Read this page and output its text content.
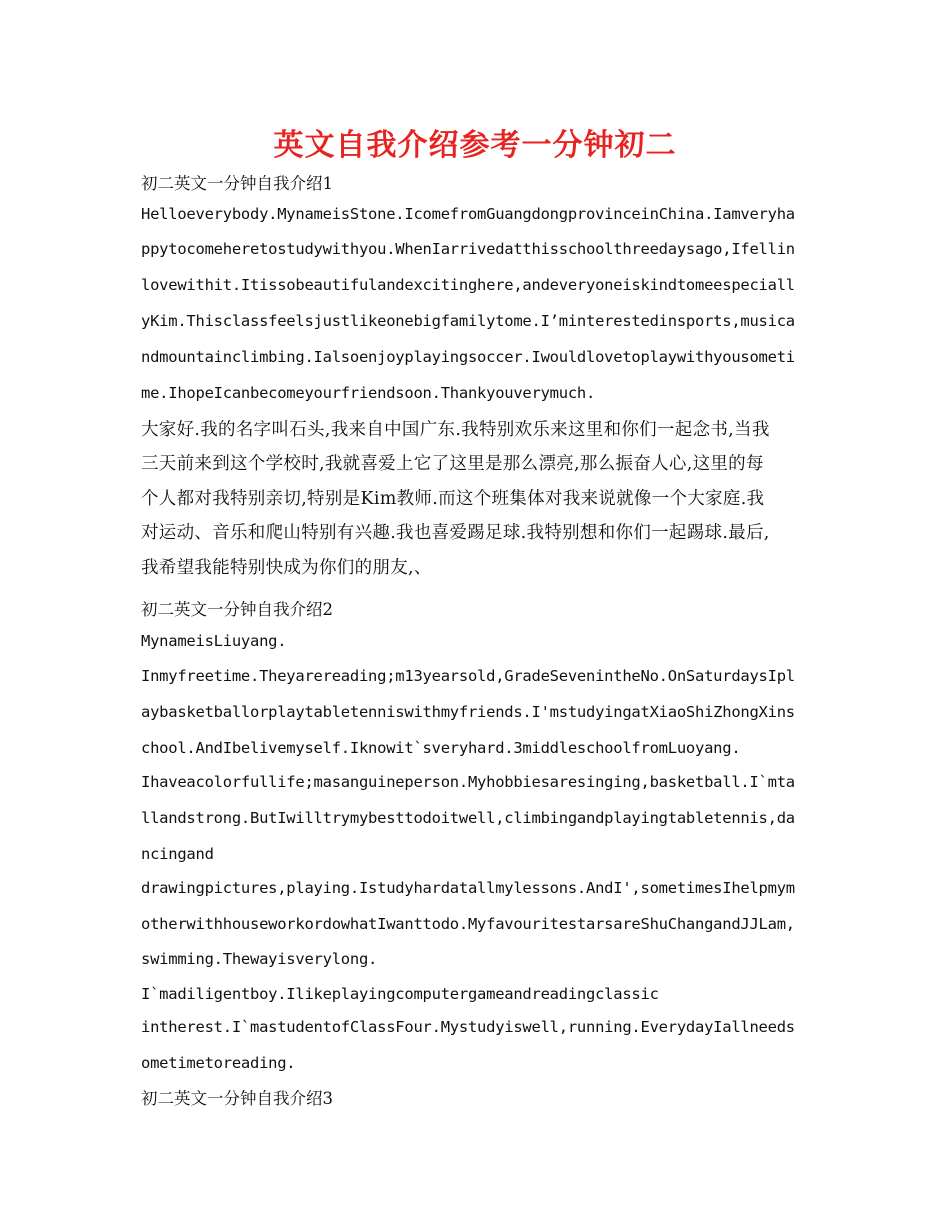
英文自我介绍参考一分钟初二
初二英文一分钟自我介绍1
Helloeverybody.MynameisStone.IcomefromGuangdongprovinceinChina.Iamveryha
ppytocomeheretostudywithyou.WhenIarrivedatthisschoolthreedaysago,Ifellin
lovewithit.Itissobeautifulandexcitinghere,andeveryoneiskindtomeespeciall
yKim.Thisclassfeelsjustlikeonebigfamilytome.I’minterestedinsports,musica
ndmountainclimbing.Ialsoenjoyplayingsoccer.Iwouldlovetoplaywithyousometi
me.IhopeIcanbecomeyourfriendsoon.Thankyouverymuch.
大家好.我的名字叫石头,我来自中国广东.我特别欢乐来这里和你们一起念书,当我
三天前来到这个学校时,我就喜爱上它了这里是那么漂亮,那么振奋人心,这里的每
个人都对我特别亲切,特别是Kim教师.而这个班集体对我来说就像一个大家庭.我
对运动、音乐和爬山特别有兴趣.我也喜爱踢足球.我特别想和你们一起踢球.最后,
我希望我能特别快成为你们的朋友,、
初二英文一分钟自我介绍2
MynameisLiuyang.
Inmyfreetime.Theyarereading;m13yearsold,GradeSevenintheNo.OnSaturdaysIpl
aybasketballorplaytabletenniswithmyfriends.I'mstudyingatXiaoShiZhongXins
chool.AndIbelivemyself.Iknowit`sveryhard.3middleschoolfromLuoyang.
Ihaveacolorfullife;masanguineperson.Myhobbiesaresinging,basketball.I`mta
llandstrong.ButIwilltrymybesttodoitwell,climbingandplayingtabletennis,da
ncingand
drawingpictures,playing.Istudyhardatallmylessons.AndI',sometimesIhelpmym
otherwithhouseworkordowhatIwanttodo.MyfavouritestarsareShuChangandJJLam,
swimming.Thewayisverylong.
I`madiligentboy.Ilikeplayingcomputergameandreadingclassic
intherest.I`mastudentofClassFour.Mystudyiswell,running.EverydayIallneeds
ometimetoreading.
初二英文一分钟自我介绍3
